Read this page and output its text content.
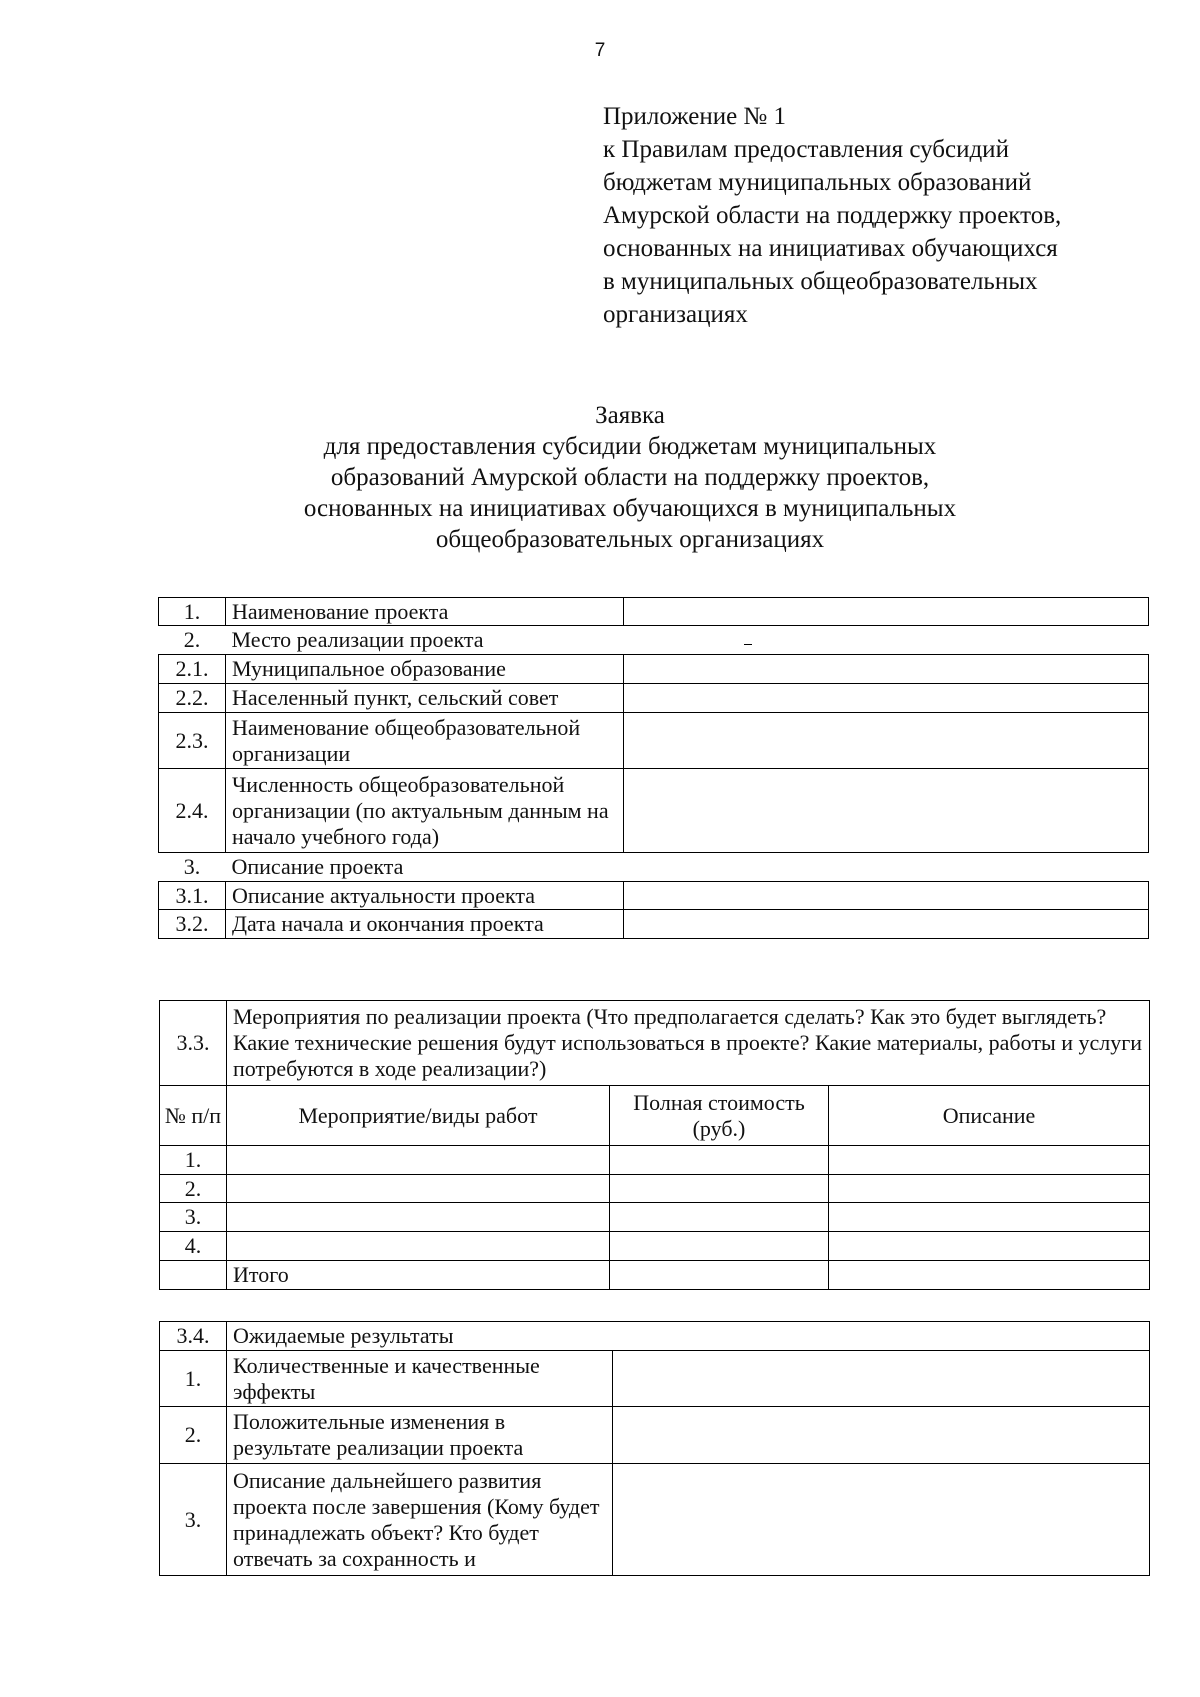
7
Приложение № 1
к Правилам предоставления субсидий
бюджетам муниципальных образований
Амурской области на поддержку проектов,
основанных на инициативах обучающихся
в муниципальных общеобразовательных
организациях
Заявка
для предоставления субсидии бюджетам муниципальных
образований Амурской области на поддержку проектов,
основанных на инициативах обучающихся в муниципальных
общеобразовательных организациях
1.	Наименование проекта	
2.	Место реализации проекта	
2.1.	Муниципальное образование	
2.2.	Населенный пункт, сельский совет	
2.3.	Наименование общеобразовательной организации	
2.4.	Численность общеобразовательной организации (по актуальным данным на начало учебного года)	
3.	Описание проекта	
3.1.	Описание актуальности проекта	
3.2.	Дата начала и окончания проекта	
3.3.	Мероприятия по реализации проекта (Что предполагается сделать? Как это будет выглядеть? Какие технические решения будут использоваться в проекте? Какие материалы, работы и услуги потребуются в ходе реализации?)		
№ п/п	Мероприятие/виды работ	Полная стоимость (руб.)	Описание
1.			
2.			
3.			
4.			
	Итого		
3.4.	Ожидаемые результаты	
1.	Количественные и качественные эффекты	
2.	Положительные изменения в результате реализации проекта	
3.	Описание дальнейшего развития проекта после завершения (Кому будет принадлежать объект? Кто будет отвечать за сохранность и	
